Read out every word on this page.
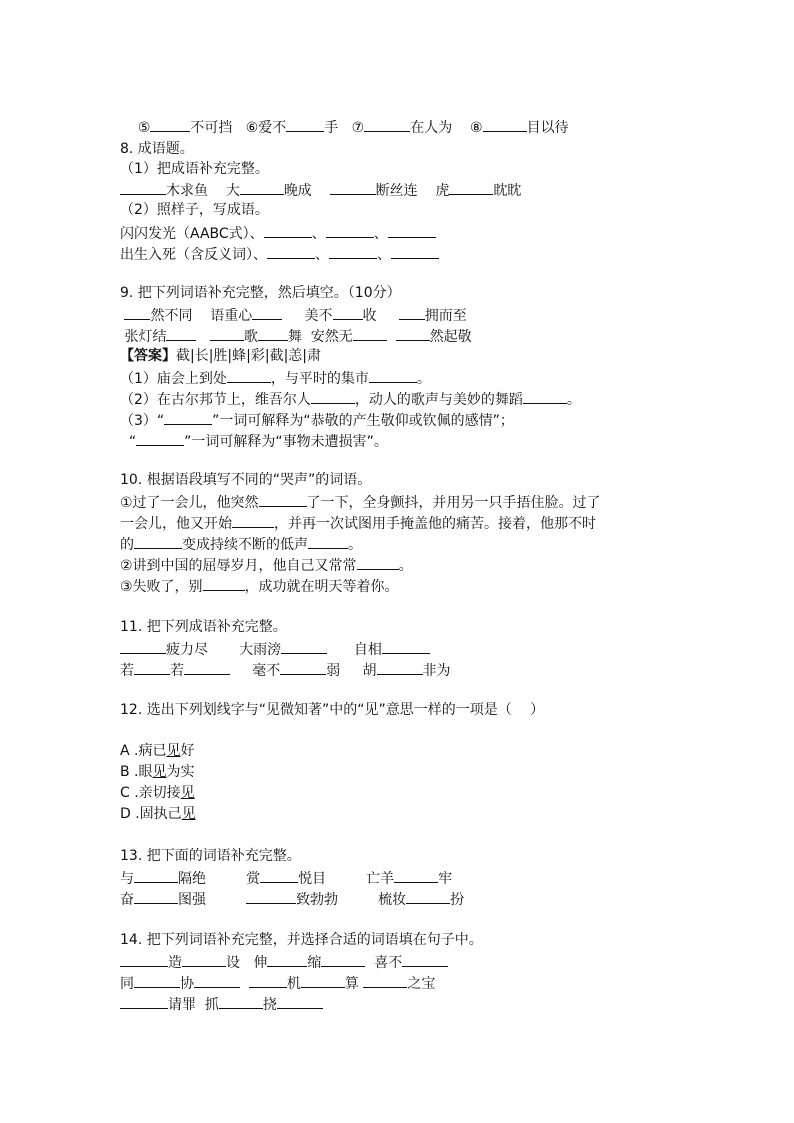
⑤	不可挡 ⑥爱不	手 ⑦	在人为 ⑧	目以待

8. 成语题。
（1）把成语补充完整。
木求鱼 大	晚成	断丝连 虎	眈眈
（2）照样子，写成语。
闪闪发光（AABC式）、	、	、
出生入死（含反义词）、	、	、
9. 把下列词语补充完整，然后填空。（10分）
然不同 语重心	美不 收	拥而至
张灯结	歌 舞 安然无	然起敬
【答案】截|长|胜|蜂|彩|截|恙|肃
（1）庙会上到处	，与平时的集市	。
（2）在古尔邦节上，维吾尔人	，动人的歌声与美妙的舞蹈	。
（3）“	”一词可解释为“恭敬的产生敬仰或钦佩的感情”；
“	”一词可解释为“事物未遭损害”。
10. 根据语段填写不同的“哭声”的词语。
①过了一会儿，他突然	了一下，全身颤抖，并用另一只手捂住脸。过了
一会儿，他又开始	，并再一次试图用手掩盖他的痛苦。接着，他那不时
的	变成持续不断的低声	。
②讲到中国的屈辱岁月，他自己又常常	。
③失败了，别	，成功就在明天等着你。
11. 把下列成语补充完整。
疲力尽 大雨滂	自相
若	若	毫不	弱 胡	非为
12. 选出下列划线字与“见微知著”中的“见”意思一样的一项是（　 ）
A .病已见好
B .眼见为实
C .亲切接见
D .固执己见
13. 把下面的词语补充完整。
与	隔绝	赏	悦目	亡羊	牢
奋	图强	致勃勃	梳妆	扮
14. 把下列词语补充完整，并选择合适的词语填在句子中。
造	设 伸	缩	喜不
同	协	机	算	之宝
请罪 抓	挠
